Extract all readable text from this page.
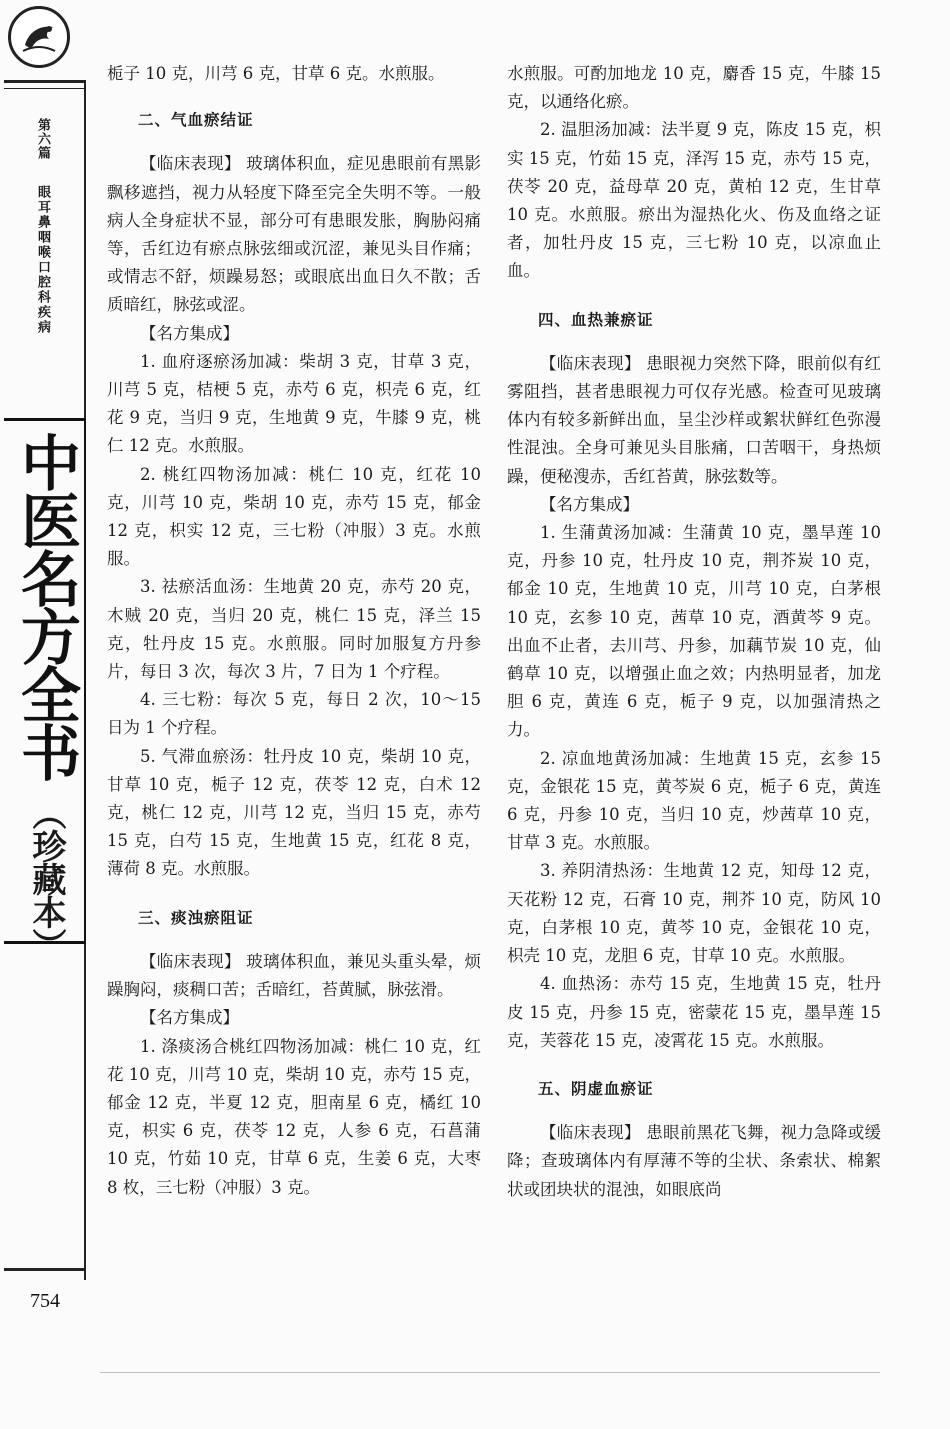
第六篇
眼耳鼻咽喉口腔科疾病
中医名方全书
（珍藏本）
754

栀子 10 克，川芎 6 克，甘草 6 克。水煎服。

二、气血瘀结证

【临床表现】 玻璃体积血，症见患眼前有黑影飘移遮挡，视力从轻度下降至完全失明不等。一般病人全身症状不显，部分可有患眼发胀，胸胁闷痛等，舌红边有瘀点脉弦细或沉涩，兼见头目作痛；或情志不舒，烦躁易怒；或眼底出血日久不散；舌质暗红，脉弦或涩。

【名方集成】

1. 血府逐瘀汤加减：柴胡 3 克，甘草 3 克，川芎 5 克，桔梗 5 克，赤芍 6 克，枳壳 6 克，红花 9 克，当归 9 克，生地黄 9 克，牛膝 9 克，桃仁 12 克。水煎服。

2. 桃红四物汤加减：桃仁 10 克，红花 10 克，川芎 10 克，柴胡 10 克，赤芍 15 克，郁金 12 克，枳实 12 克，三七粉（冲服）3 克。水煎服。

3. 祛瘀活血汤：生地黄 20 克，赤芍 20 克，木贼 20 克，当归 20 克，桃仁 15 克，泽兰 15 克，牡丹皮 15 克。水煎服。同时加服复方丹参片，每日 3 次，每次 3 片，7 日为 1 个疗程。

4. 三七粉：每次 5 克，每日 2 次，10～15 日为 1 个疗程。

5. 气滞血瘀汤：牡丹皮 10 克，柴胡 10 克，甘草 10 克，栀子 12 克，茯苓 12 克，白术 12 克，桃仁 12 克，川芎 12 克，当归 15 克，赤芍 15 克，白芍 15 克，生地黄 15 克，红花 8 克，薄荷 8 克。水煎服。

三、痰浊瘀阻证

【临床表现】 玻璃体积血，兼见头重头晕，烦躁胸闷，痰稠口苦；舌暗红，苔黄腻，脉弦滑。

【名方集成】

1. 涤痰汤合桃红四物汤加减：桃仁 10 克，红花 10 克，川芎 10 克，柴胡 10 克，赤芍 15 克，郁金 12 克，半夏 12 克，胆南星 6 克，橘红 10 克，枳实 6 克，茯苓 12 克，人参 6 克，石菖蒲 10 克，竹茹 10 克，甘草 6 克，生姜 6 克，大枣 8 枚，三七粉（冲服）3 克。

水煎服。可酌加地龙 10 克，麝香 15 克，牛膝 15 克，以通络化瘀。

2. 温胆汤加减：法半夏 9 克，陈皮 15 克，枳实 15 克，竹茹 15 克，泽泻 15 克，赤芍 15 克，茯苓 20 克，益母草 20 克，黄柏 12 克，生甘草 10 克。水煎服。瘀出为湿热化火、伤及血络之证者，加牡丹皮 15 克，三七粉 10 克，以凉血止血。

四、血热兼瘀证

【临床表现】 患眼视力突然下降，眼前似有红雾阻挡，甚者患眼视力可仅存光感。检查可见玻璃体内有较多新鲜出血，呈尘沙样或絮状鲜红色弥漫性混浊。全身可兼见头目胀痛，口苦咽干，身热烦躁，便秘溲赤，舌红苔黄，脉弦数等。

【名方集成】

1. 生蒲黄汤加减：生蒲黄 10 克，墨旱莲 10 克，丹参 10 克，牡丹皮 10 克，荆芥炭 10 克，郁金 10 克，生地黄 10 克，川芎 10 克，白茅根 10 克，玄参 10 克，茜草 10 克，酒黄芩 9 克。出血不止者，去川芎、丹参，加藕节炭 10 克，仙鹤草 10 克，以增强止血之效；内热明显者，加龙胆 6 克，黄连 6 克，栀子 9 克，以加强清热之力。

2. 凉血地黄汤加减：生地黄 15 克，玄参 15 克，金银花 15 克，黄芩炭 6 克，栀子 6 克，黄连 6 克，丹参 10 克，当归 10 克，炒茜草 10 克，甘草 3 克。水煎服。

3. 养阴清热汤：生地黄 12 克，知母 12 克，天花粉 12 克，石膏 10 克，荆芥 10 克，防风 10 克，白茅根 10 克，黄芩 10 克，金银花 10 克，枳壳 10 克，龙胆 6 克，甘草 10 克。水煎服。

4. 血热汤：赤芍 15 克，生地黄 15 克，牡丹皮 15 克，丹参 15 克，密蒙花 15 克，墨旱莲 15 克，芙蓉花 15 克，凌霄花 15 克。水煎服。

五、阴虚血瘀证

【临床表现】 患眼前黑花飞舞，视力急降或缓降；查玻璃体内有厚薄不等的尘状、条索状、棉絮状或团块状的混浊，如眼底尚
